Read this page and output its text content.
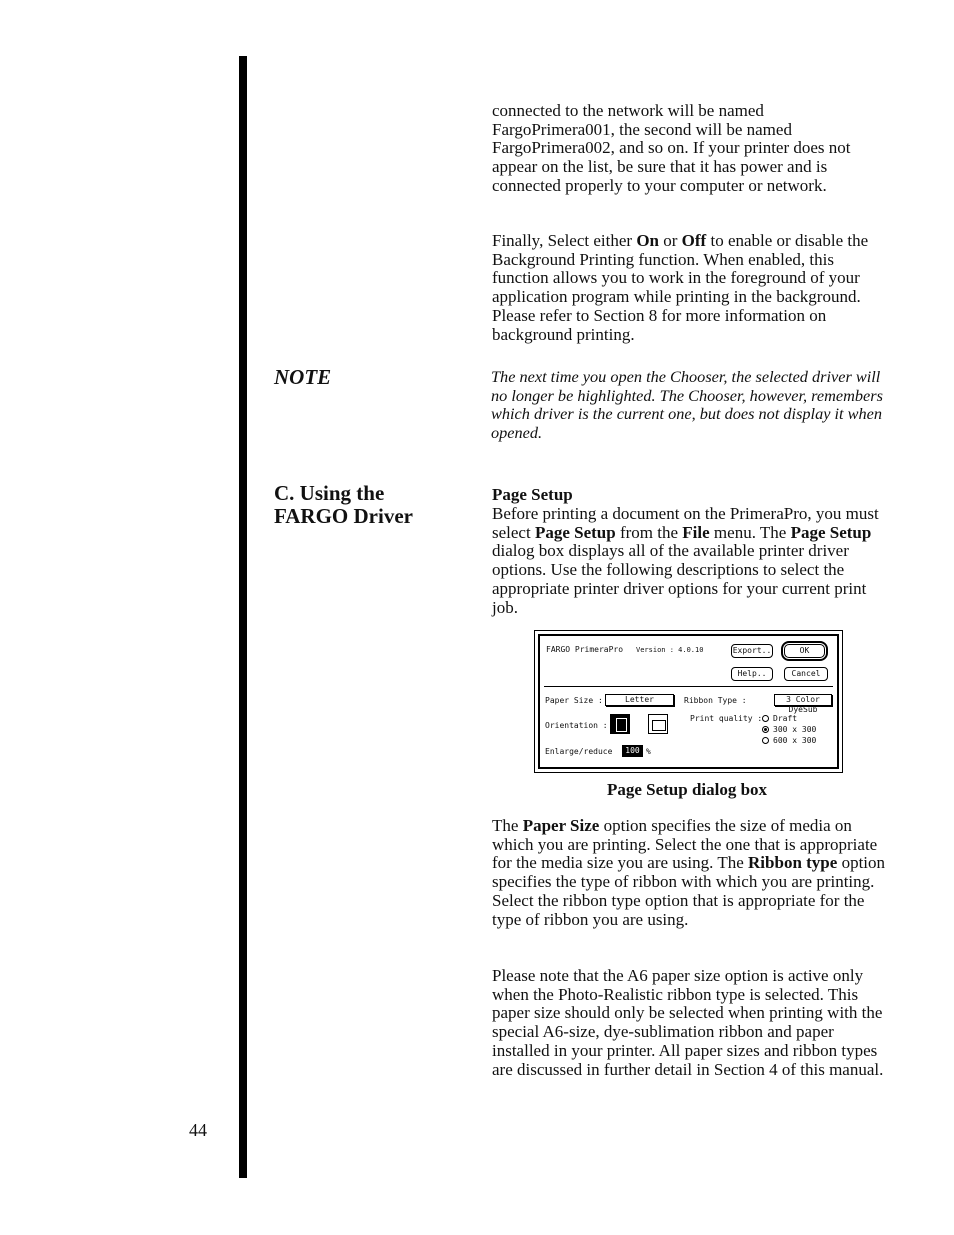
connected to the network will be named FargoPrimera001, the second will be named FargoPrimera002, and so on. If your printer does not appear on the list, be sure that it has power and is connected properly to your computer or network.
Finally, Select either On or Off to enable or disable the Background Printing function. When enabled, this function allows you to work in the foreground of your application program while printing in the background. Please refer to Section 8 for more information on background printing.
NOTE	The next time you open the Chooser, the selected driver will no longer be highlighted. The Chooser, however, remembers which driver is the current one, but does not display it when opened.
C. Using the
FARGO Driver
Page Setup
Before printing a document on the PrimeraPro, you must select Page Setup from the File menu. The Page Setup dialog box displays all of the available printer driver options. Use the following descriptions to select the appropriate printer driver options for your current print job.
FARGO PrimeraPro Version : 4.0.10	Export..	OK
Help..	Cancel
Paper Size :	Letter	Ribbon Type :	3 Color DyeSub
Orientation :
Print quality : Draft
300 x 300
600 x 300
Enlarge/reduce	100 %
Page Setup dialog box
The Paper Size option specifies the size of media on which you are printing. Select the one that is appropriate for the media size you are using. The Ribbon type option specifies the type of ribbon with which you are printing. Select the ribbon type option that is appropriate for the type of ribbon you are using.
Please note that the A6 paper size option is active only when the Photo-Realistic ribbon type is selected. This paper size should only be selected when printing with the special A6-size, dye-sublimation ribbon and paper installed in your printer. All paper sizes and ribbon types are discussed in further detail in Section 4 of this manual.
44
